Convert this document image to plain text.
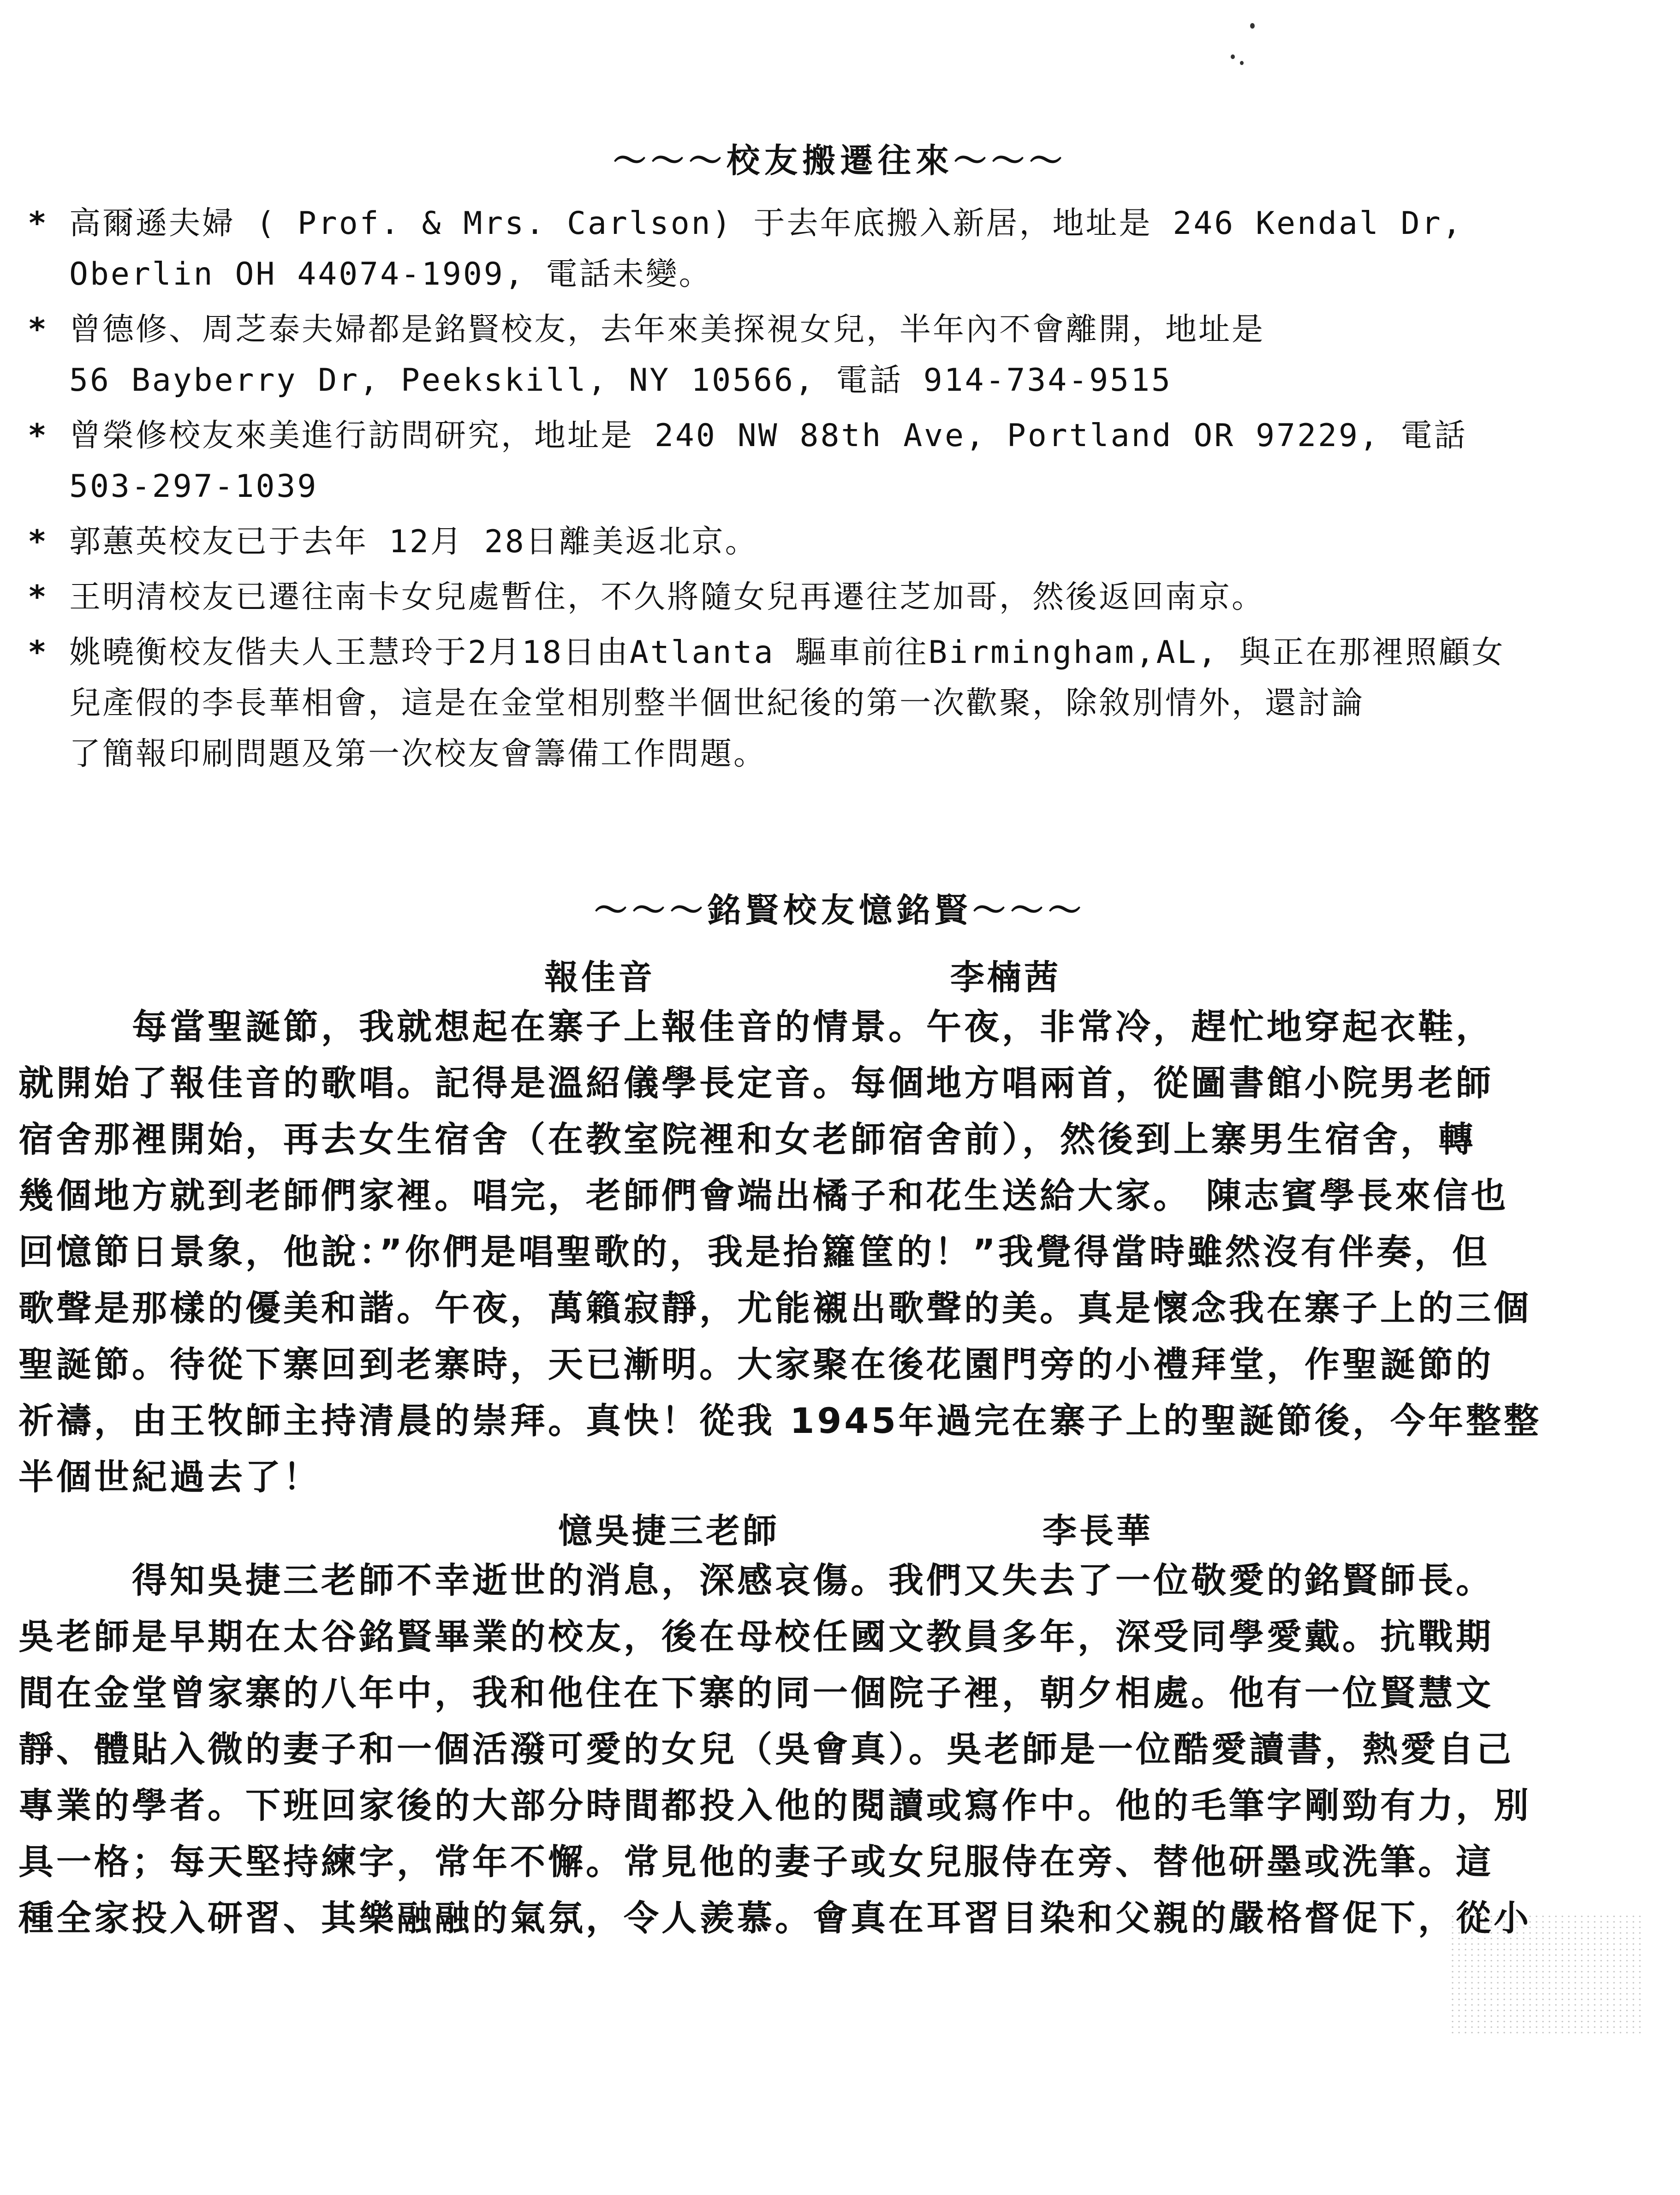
～～～校友搬遷往來～～～
* 高爾遜夫婦 ( Prof. & Mrs. Carlson) 于去年底搬入新居，地址是 246 Kendal Dr,
Oberlin OH 44074-1909, 電話未變。
* 曾德修、周芝泰夫婦都是銘賢校友，去年來美探視女兒，半年內不會離開，地址是
56 Bayberry Dr, Peekskill, NY 10566, 電話 914-734-9515
* 曾榮修校友來美進行訪問研究，地址是 240 NW 88th Ave, Portland OR 97229, 電話
503-297-1039
* 郭蕙英校友已于去年 12月 28日離美返北京。
* 王明清校友已遷往南卡女兒處暫住，不久將隨女兒再遷往芝加哥，然後返回南京。
* 姚曉衡校友偕夫人王慧玲于2月18日由Atlanta 驅車前往Birmingham,AL, 與正在那裡照顧女
兒產假的李長華相會，這是在金堂相別整半個世紀後的第一次歡聚，除敘別情外，還討論
了簡報印刷問題及第一次校友會籌備工作問題。
～～～銘賢校友憶銘賢～～～
報佳音	李楠茜
　　　每當聖誕節，我就想起在寨子上報佳音的情景。午夜，非常冷，趕忙地穿起衣鞋，
就開始了報佳音的歌唱。記得是溫紹儀學長定音。每個地方唱兩首，從圖書館小院男老師
宿舍那裡開始，再去女生宿舍（在教室院裡和女老師宿舍前），然後到上寨男生宿舍，轉
幾個地方就到老師們家裡。唱完，老師們會端出橘子和花生送給大家。 陳志賓學長來信也
回憶節日景象，他說：”你們是唱聖歌的，我是抬籮筐的！”我覺得當時雖然沒有伴奏，但
歌聲是那樣的優美和諧。午夜，萬籟寂靜，尤能襯出歌聲的美。真是懷念我在寨子上的三個
聖誕節。待從下寨回到老寨時，天已漸明。大家聚在後花園門旁的小禮拜堂，作聖誕節的
祈禱，由王牧師主持清晨的崇拜。真快！從我 1945年過完在寨子上的聖誕節後，今年整整
半個世紀過去了！
憶吳捷三老師	李長華
　　　得知吳捷三老師不幸逝世的消息，深感哀傷。我們又失去了一位敬愛的銘賢師長。
吳老師是早期在太谷銘賢畢業的校友，後在母校任國文教員多年，深受同學愛戴。抗戰期
間在金堂曾家寨的八年中，我和他住在下寨的同一個院子裡，朝夕相處。他有一位賢慧文
靜、體貼入微的妻子和一個活潑可愛的女兒（吳會真）。吳老師是一位酷愛讀書，熱愛自己
專業的學者。下班回家後的大部分時間都投入他的閱讀或寫作中。他的毛筆字剛勁有力，別
具一格；每天堅持練字，常年不懈。常見他的妻子或女兒服侍在旁、替他研墨或洗筆。這
種全家投入研習、其樂融融的氣氛，令人羨慕。會真在耳習目染和父親的嚴格督促下，從小
